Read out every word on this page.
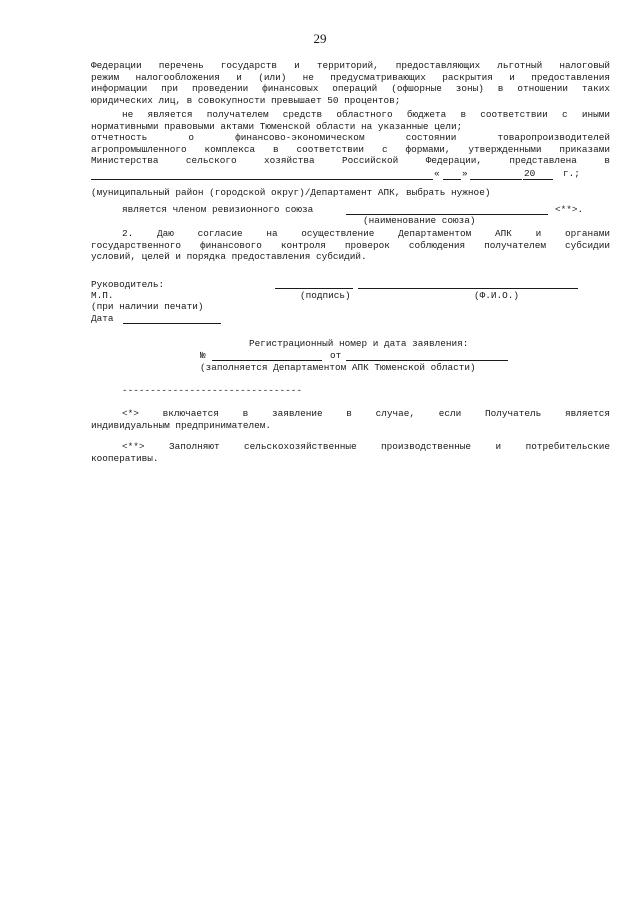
29
Федерации перечень государств и территорий, предоставляющих льготный налоговый
режим налогообложения и (или) не предусматривающих раскрытия и предоставления
информации при проведении финансовых операций (офшорные зоны) в отношении таких
юридических лиц, в совокупности превышает 50 процентов;
не является получателем средств областного бюджета в соответствии с иными
нормативными правовыми актами Тюменской области на указанные цели;
отчетность о финансово-экономическом состоянии товаропроизводителей
агропромышленного комплекса в соответствии с формами, утвержденными приказами
Министерства сельского хозяйства Российской Федерации, представлена в
« »	20	г.;
(муниципальный район (городской округ)/Департамент АПК, выбрать нужное)
является членом ревизионного союза	<**>.
(наименование союза)
2. Даю согласие на осуществление Департаментом АПК и органами
государственного финансового контроля проверок соблюдения получателем субсидии
условий, целей и порядка предоставления субсидий.
Руководитель:
М.П.	(подпись)	(Ф.И.О.)
(при наличии печати)
Дата
Регистрационный номер и дата заявления:
№	от
(заполняется Департаментом АПК Тюменской области)
--------------------------------
<*> включается в заявление в случае, если Получатель является
индивидуальным предпринимателем.
<**> Заполняют сельскохозяйственные производственные и потребительские
кооперативы.
